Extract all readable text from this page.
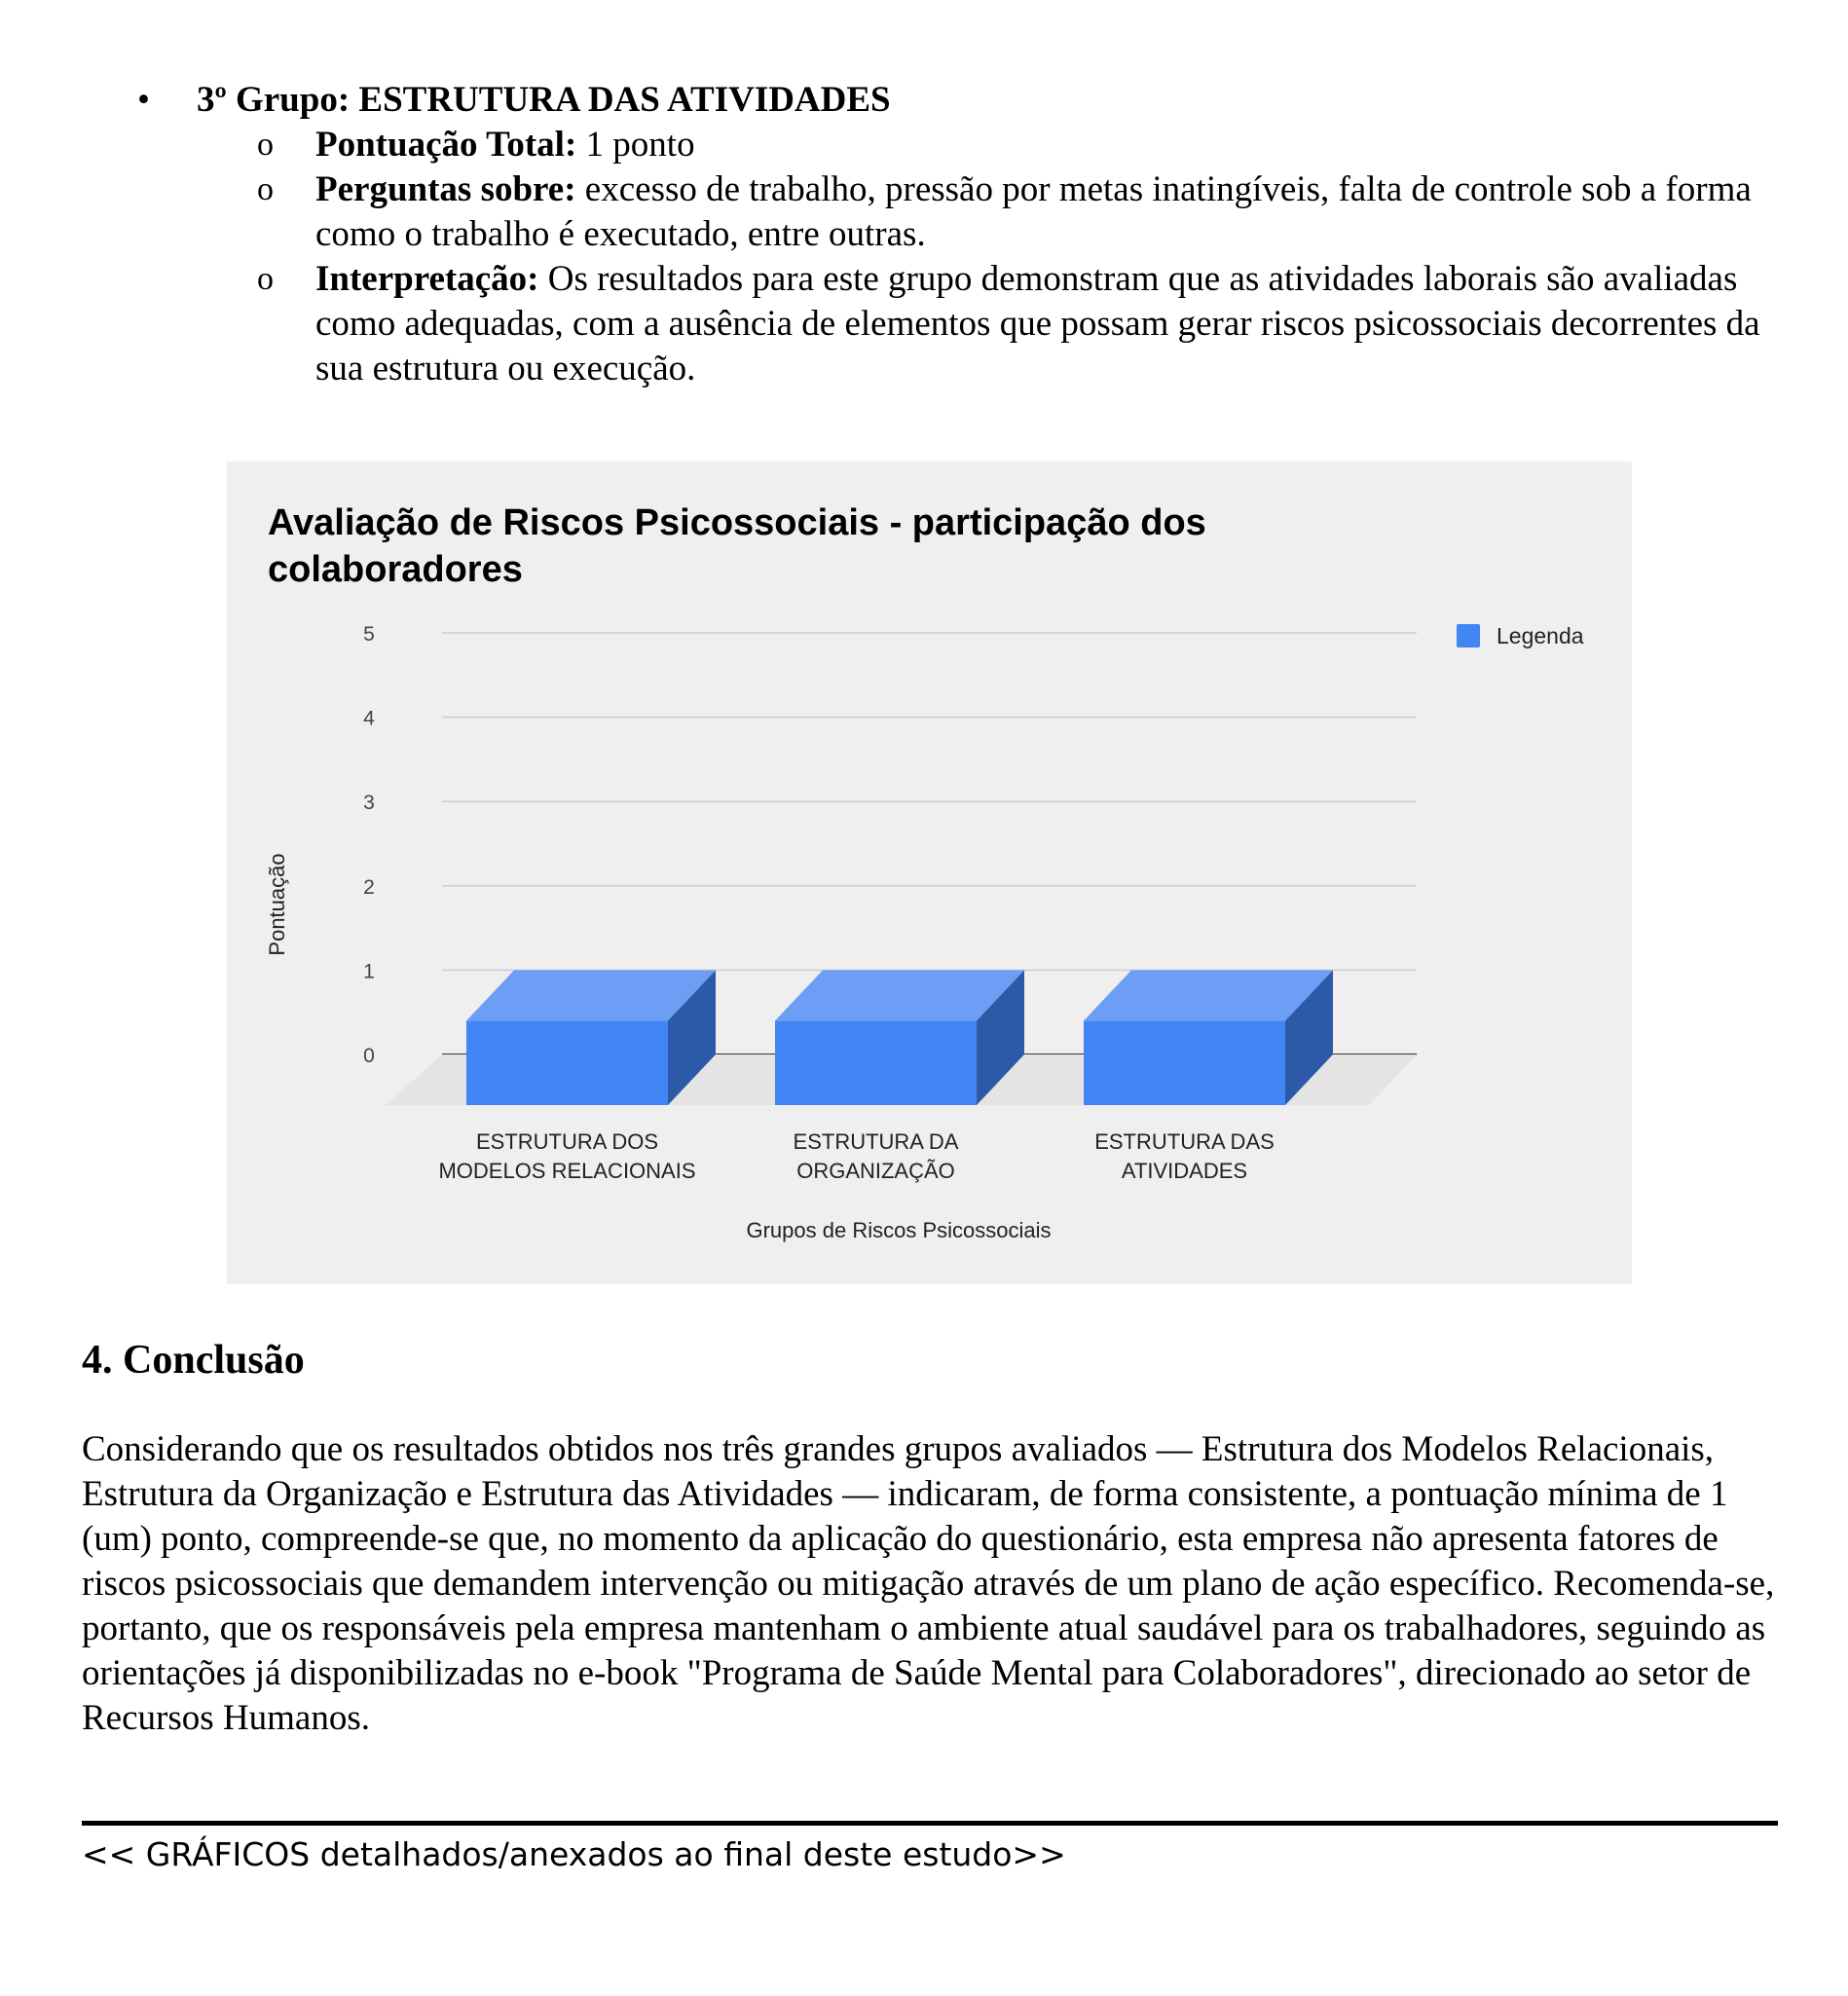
•	3º Grupo: ESTRUTURA DAS ATIVIDADES
o Pontuação Total: 1 ponto
o Perguntas sobre: excesso de trabalho, pressão por metas inatingíveis, falta de controle sob a forma como o trabalho é executado, entre outras.
o Interpretação: Os resultados para este grupo demonstram que as atividades laborais são avaliadas como adequadas, com a ausência de elementos que possam gerar riscos psicossociais decorrentes da sua estrutura ou execução.
Avaliação de Riscos Psicossociais - participação dos
colaboradores
0
1
2
3
4
5
ESTRUTURA DOS
MODELOS RELACIONAIS
ESTRUTURA DA
ORGANIZAÇÃO
ESTRUTURA DAS
ATIVIDADES
Pontuação
Grupos de Riscos Psicossociais
Legenda
4. Conclusão
Considerando que os resultados obtidos nos três grandes grupos avaliados — Estrutura dos Modelos Relacionais, Estrutura da Organização e Estrutura das Atividades — indicaram, de forma consistente, a pontuação mínima de 1 (um) ponto, compreende-se que, no momento da aplicação do questionário, esta empresa não apresenta fatores de riscos psicossociais que demandem intervenção ou mitigação através de um plano de ação específico. Recomenda-se, portanto, que os responsáveis pela empresa mantenham o ambiente atual saudável para os trabalhadores, seguindo as orientações já disponibilizadas no e-book "Programa de Saúde Mental para Colaboradores", direcionado ao setor de Recursos Humanos.
<< GRÁFICOS detalhados/anexados ao final deste estudo>>
